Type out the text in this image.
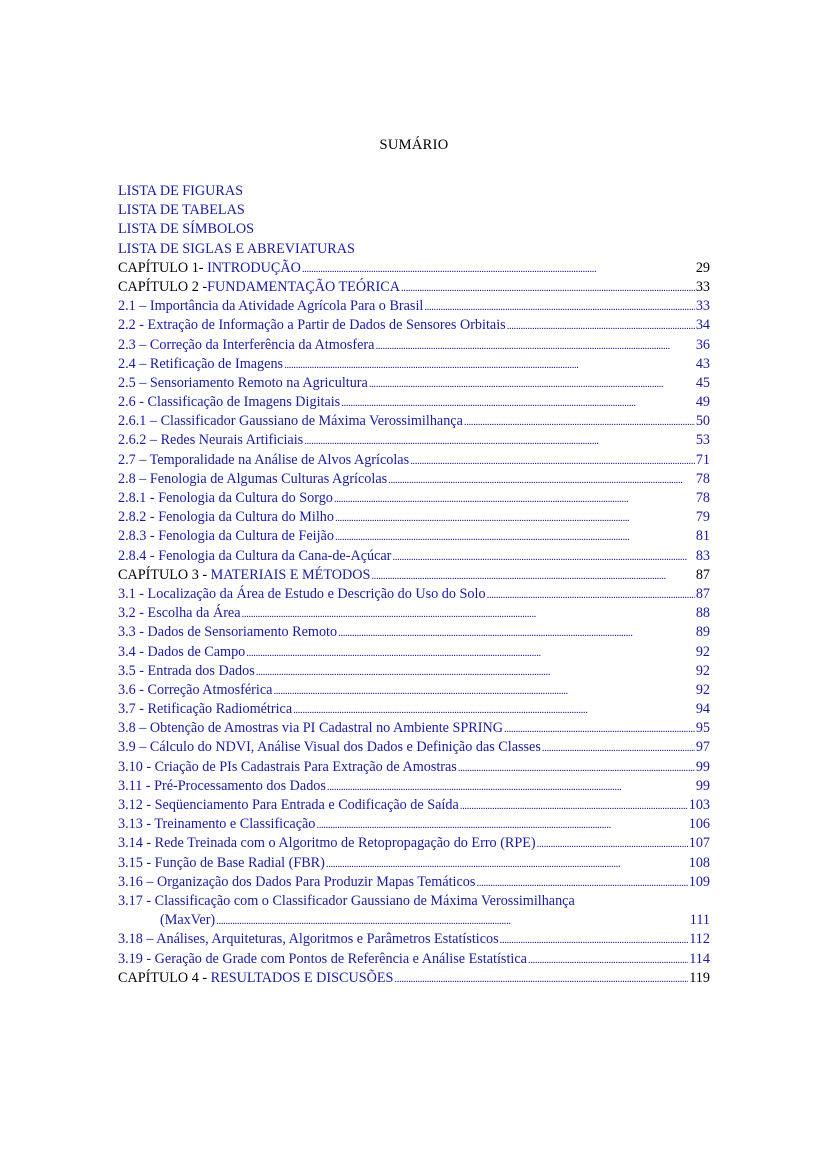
SUMÁRIO
LISTA DE FIGURAS
LISTA DE TABELAS
LISTA DE SÍMBOLOS
LISTA DE SIGLAS E ABREVIATURAS
CAPÍTULO 1- INTRODUÇÃO . . .	29
CAPÍTULO 2 -FUNDAMENTAÇÃO TEÓRICA . . .	33
2.1 – Importância da Atividade Agrícola Para o Brasil . . .	33
2.2 - Extração de Informação a Partir de Dados de Sensores Orbitais . . .	34
2.3 – Correção da Interferência da Atmosfera . . .	36
2.4 – Retificação de Imagens . . .	43
2.5 – Sensoriamento Remoto na Agricultura . . .	45
2.6 - Classificação de Imagens Digitais . . .	49
2.6.1 – Classificador Gaussiano de Máxima Verossimilhança . . .	50
2.6.2 – Redes Neurais Artificiais . . .	53
2.7 – Temporalidade na Análise de Alvos Agrícolas . . .	71
2.8 – Fenologia de Algumas Culturas Agrícolas . . .	78
2.8.1 - Fenologia da Cultura do Sorgo . . .	78
2.8.2 - Fenologia da Cultura do Milho . . .	79
2.8.3 - Fenologia da Cultura de Feijão . . .	81
2.8.4 - Fenologia da Cultura da Cana-de-Açúcar . . .	83
CAPÍTULO 3 - MATERIAIS E MÉTODOS . . .	87
3.1 - Localização da Área de Estudo e Descrição do Uso do Solo . . .	87
3.2 - Escolha da Área . . .	88
3.3 - Dados de Sensoriamento Remoto . . .	89
3.4 - Dados de Campo . . .	92
3.5 - Entrada dos Dados . . .	92
3.6 - Correção Atmosférica . . .	92
3.7 - Retificação Radiométrica . . .	94
3.8 – Obtenção de Amostras via PI Cadastral no Ambiente SPRING . . .	95
3.9 – Cálculo do NDVI, Análise Visual dos Dados e Definição das Classes . . .	97
3.10 - Criação de PIs Cadastrais Para Extração de Amostras . . .	99
3.11 - Pré-Processamento dos Dados . . .	99
3.12 - Seqüenciamento Para Entrada e Codificação de Saída . . .	103
3.13 - Treinamento e Classificação . . .	106
3.14 - Rede Treinada com o Algoritmo de Retopropagação do Erro (RPE) . . .	107
3.15 - Função de Base Radial (FBR) . . .	108
3.16 – Organização dos Dados Para Produzir Mapas Temáticos . . .	109
3.17 - Classificação com o Classificador Gaussiano de Máxima Verossimilhança
(MaxVer) . . .	111
3.18 – Análises, Arquiteturas, Algoritmos e Parâmetros Estatísticos . . .	112
3.19 - Geração de Grade com Pontos de Referência e Análise Estatística . . .	114
CAPÍTULO 4 - RESULTADOS E DISCUSÕES . . .	119
